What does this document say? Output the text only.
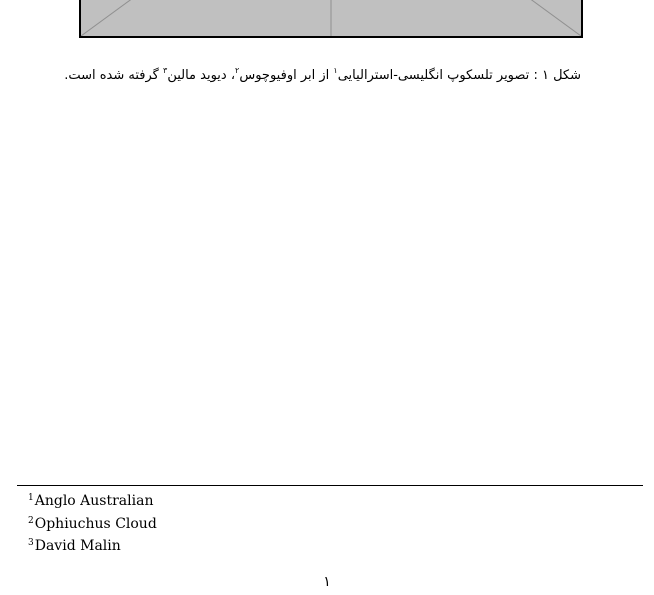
شکل ۱ : تصویر تلسکوپ انگلیسی-استرالیایی$^۱$ از ابر اوفیوچوس$^۲$، دیوید مالین$^۳$ گرفته شده است.
$^1$Anglo Australian
$^2$Ophiuchus Cloud
$^3$David Malin
۱
